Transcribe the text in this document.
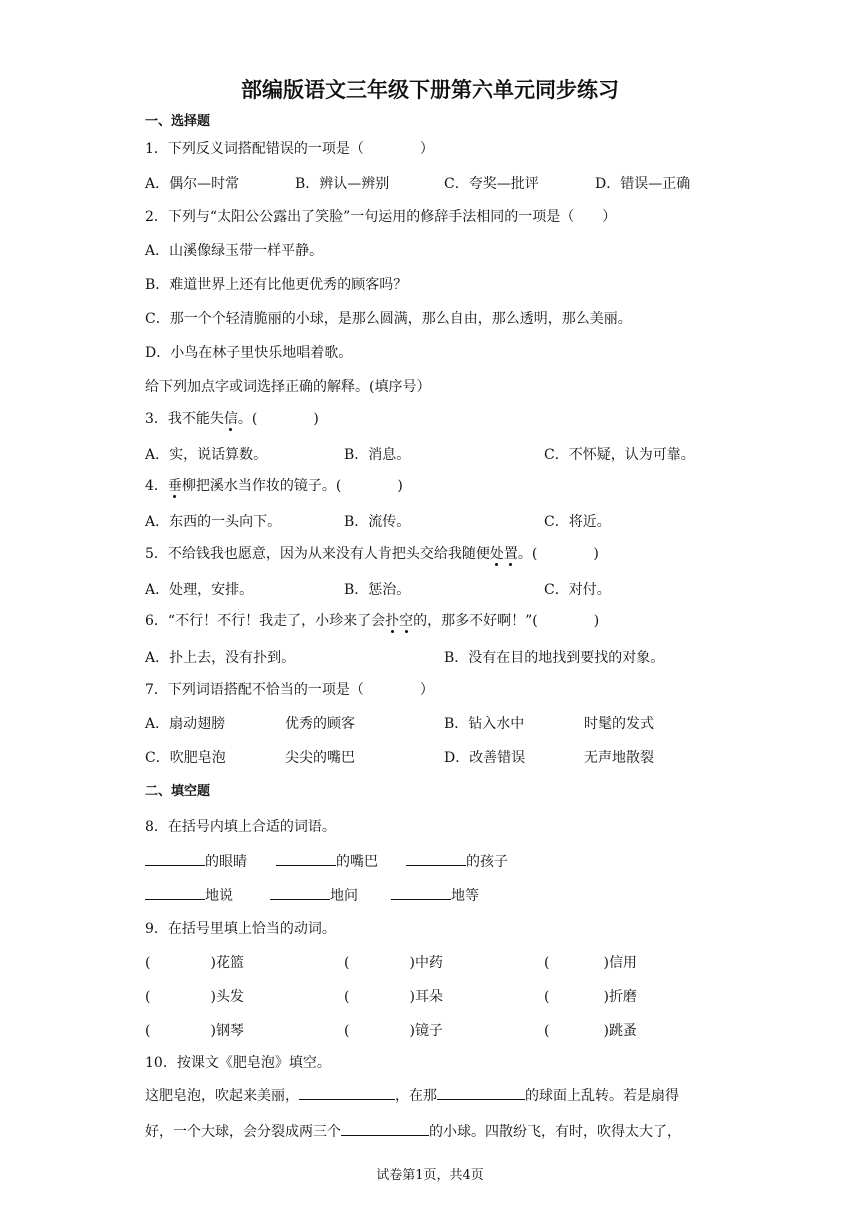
部编版语文三年级下册第六单元同步练习
一、选择题
1．下列反义词搭配错误的一项是（　　　　）
A．偶尔—时常	B．辨认—辨别	C．夸奖—批评	D．错误—正确
2．下列与“太阳公公露出了笑脸”一句运用的修辞手法相同的一项是（　　）
A．山溪像绿玉带一样平静。
B．难道世界上还有比他更优秀的顾客吗？
C．那一个个轻清脆丽的小球，是那么圆满，那么自由，那么透明，那么美丽。
D．小鸟在林子里快乐地唱着歌。
给下列加点字或词选择正确的解释。(填序号）
3．我不能失信。(　　　　)
A．实，说话算数。	B．消息。	C．不怀疑，认为可靠。
4．垂柳把溪水当作妆的镜子。(　　　　)
A．东西的一头向下。	B．流传。	C．将近。
5．不给钱我也愿意，因为从来没有人肯把头交给我随便处置。(　　　　)
A．处理，安排。	B．惩治。	C．对付。
6．“不行！不行！我走了，小珍来了会扑空的，那多不好啊！”(　　　　)
A．扑上去，没有扑到。	B．没有在目的地找到要找的对象。
7．下列词语搭配不恰当的一项是（　　　　）
A．扇动翅膀	优秀的顾客	B．钻入水中	时髦的发式
C．吹肥皂泡	尖尖的嘴巴	D．改善错误	无声地散裂
二、填空题
8．在括号内填上合适的词语。
的眼睛	的嘴巴	的孩子
地说	地问	地等
9．在括号里填上恰当的动词。
(	)花篮	(	)中药	(	)信用
(	)头发	(	)耳朵	(	)折磨
(	)钢琴	(	)镜子	(	)跳蚤
10．按课文《肥皂泡》填空。
这肥皂泡，吹起来美丽，	，在那	的球面上乱转。若是扇得
好，一个大球，会分裂成两三个	的小球。四散纷飞，有时，吹得太大了，
试卷第1页，共4页
